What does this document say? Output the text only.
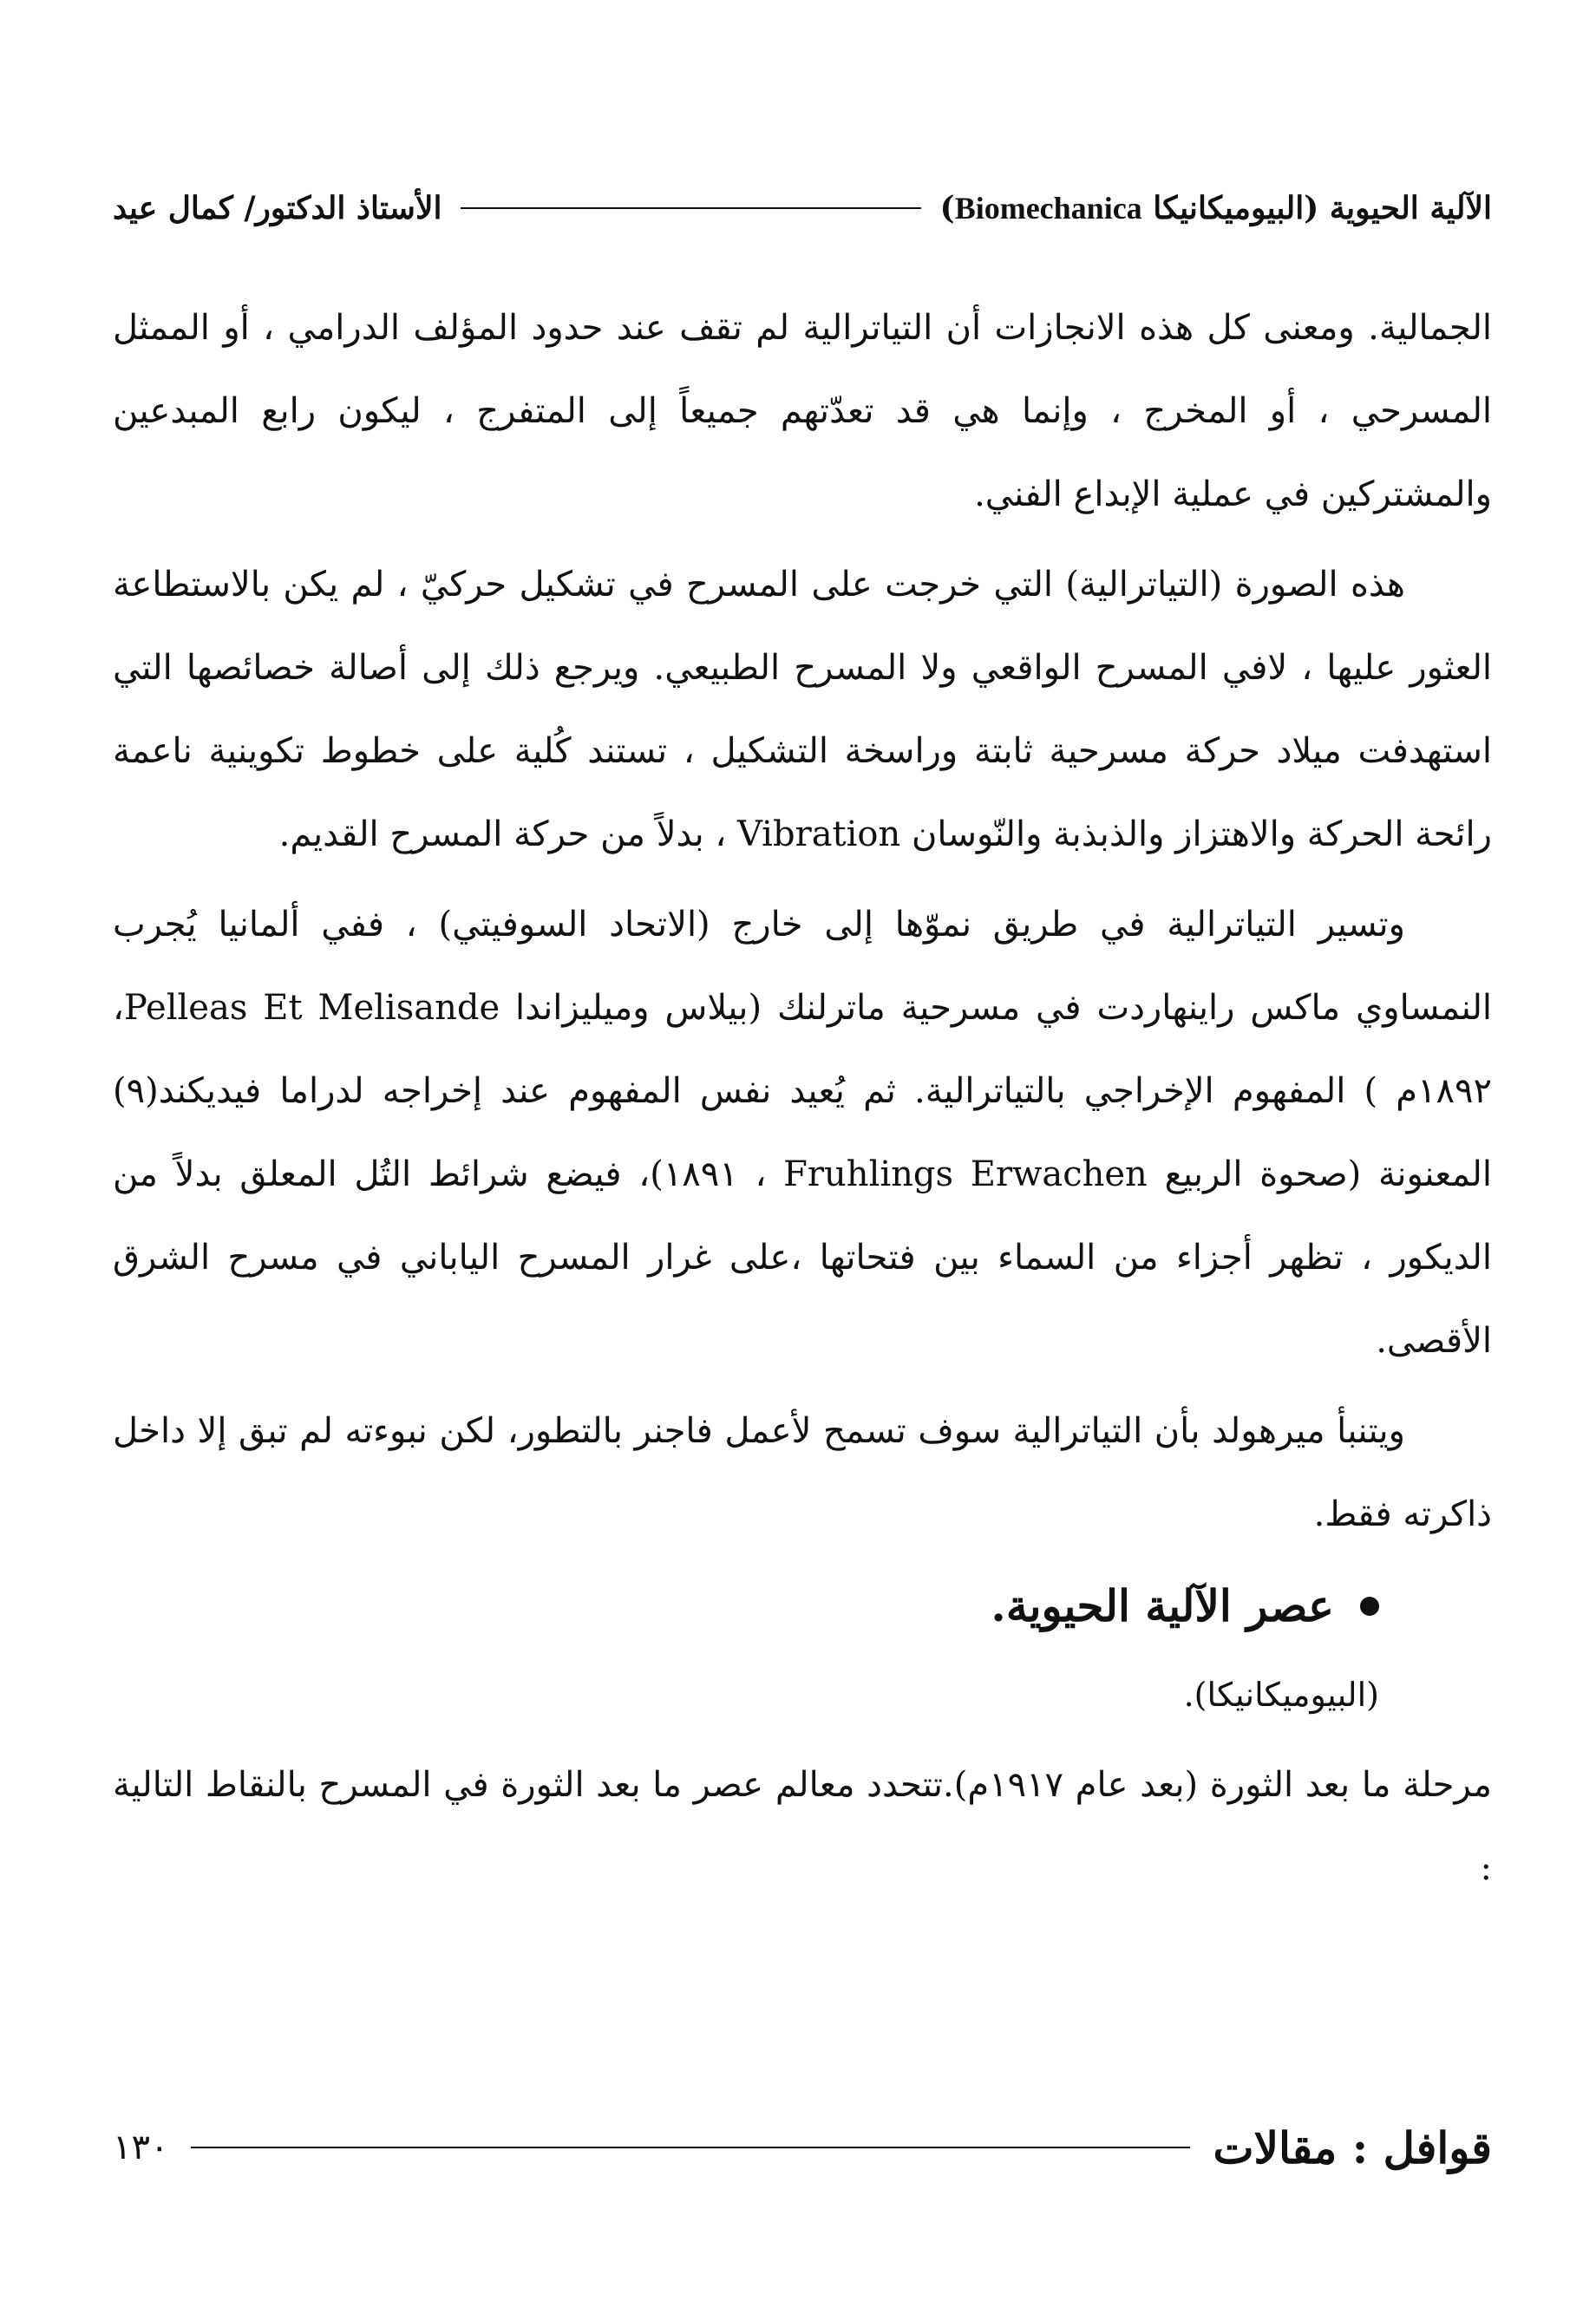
الآلية الحيوية (البيوميكانيكا Biomechanica)
الأستاذ الدكتور/ كمال عيد

الجمالية. ومعنى كل هذه الانجازات أن التياترالية لم تقف عند حدود المؤلف الدرامي ، أو الممثل المسرحي ، أو المخرج ، وإنما هي قد تعدّتهم جميعاً إلى المتفرج ، ليكون رابع المبدعين والمشتركين في عملية الإبداع الفني.

هذه الصورة (التياترالية) التي خرجت على المسرح في تشكيل حركيّ ، لم يكن بالاستطاعة العثور عليها ، لافي المسرح الواقعي ولا المسرح الطبيعي. ويرجع ذلك إلى أصالة خصائصها التي استهدفت ميلاد حركة مسرحية ثابتة وراسخة التشكيل ، تستند كُلية على خطوط تكوينية ناعمة رائحة الحركة والاهتزاز والذبذبة والنّوسان Vibration ، بدلاً من حركة المسرح القديم.

وتسير التياترالية في طريق نموّها إلى خارج (الاتحاد السوفيتي) ، ففي ألمانيا يُجرب النمساوي ماكس راينهاردت في مسرحية ماترلنك (بيلاس وميليزاندا Pelleas Et Melisande، ١٨٩٢م ) المفهوم الإخراجي بالتياترالية. ثم يُعيد نفس المفهوم عند إخراجه لدراما فيديكند(٩) المعنونة (صحوة الربيع Fruhlings Erwachen ، ١٨٩١)، فيضع شرائط التُل المعلق بدلاً من الديكور ، تظهر أجزاء من السماء بين فتحاتها ،على غرار المسرح الياباني في مسرح الشرق الأقصى.

ويتنبأ ميرهولد بأن التياترالية سوف تسمح لأعمل فاجنر بالتطور، لكن نبوءته لم تبق إلا داخل ذاكرته فقط.

عصر الآلية الحيوية.

(البيوميكانيكا).

مرحلة ما بعد الثورة (بعد عام ١٩١٧م).تتحدد معالم عصر ما بعد الثورة في المسرح بالنقاط التالية :

قوافل : مقالات
١٣٠
